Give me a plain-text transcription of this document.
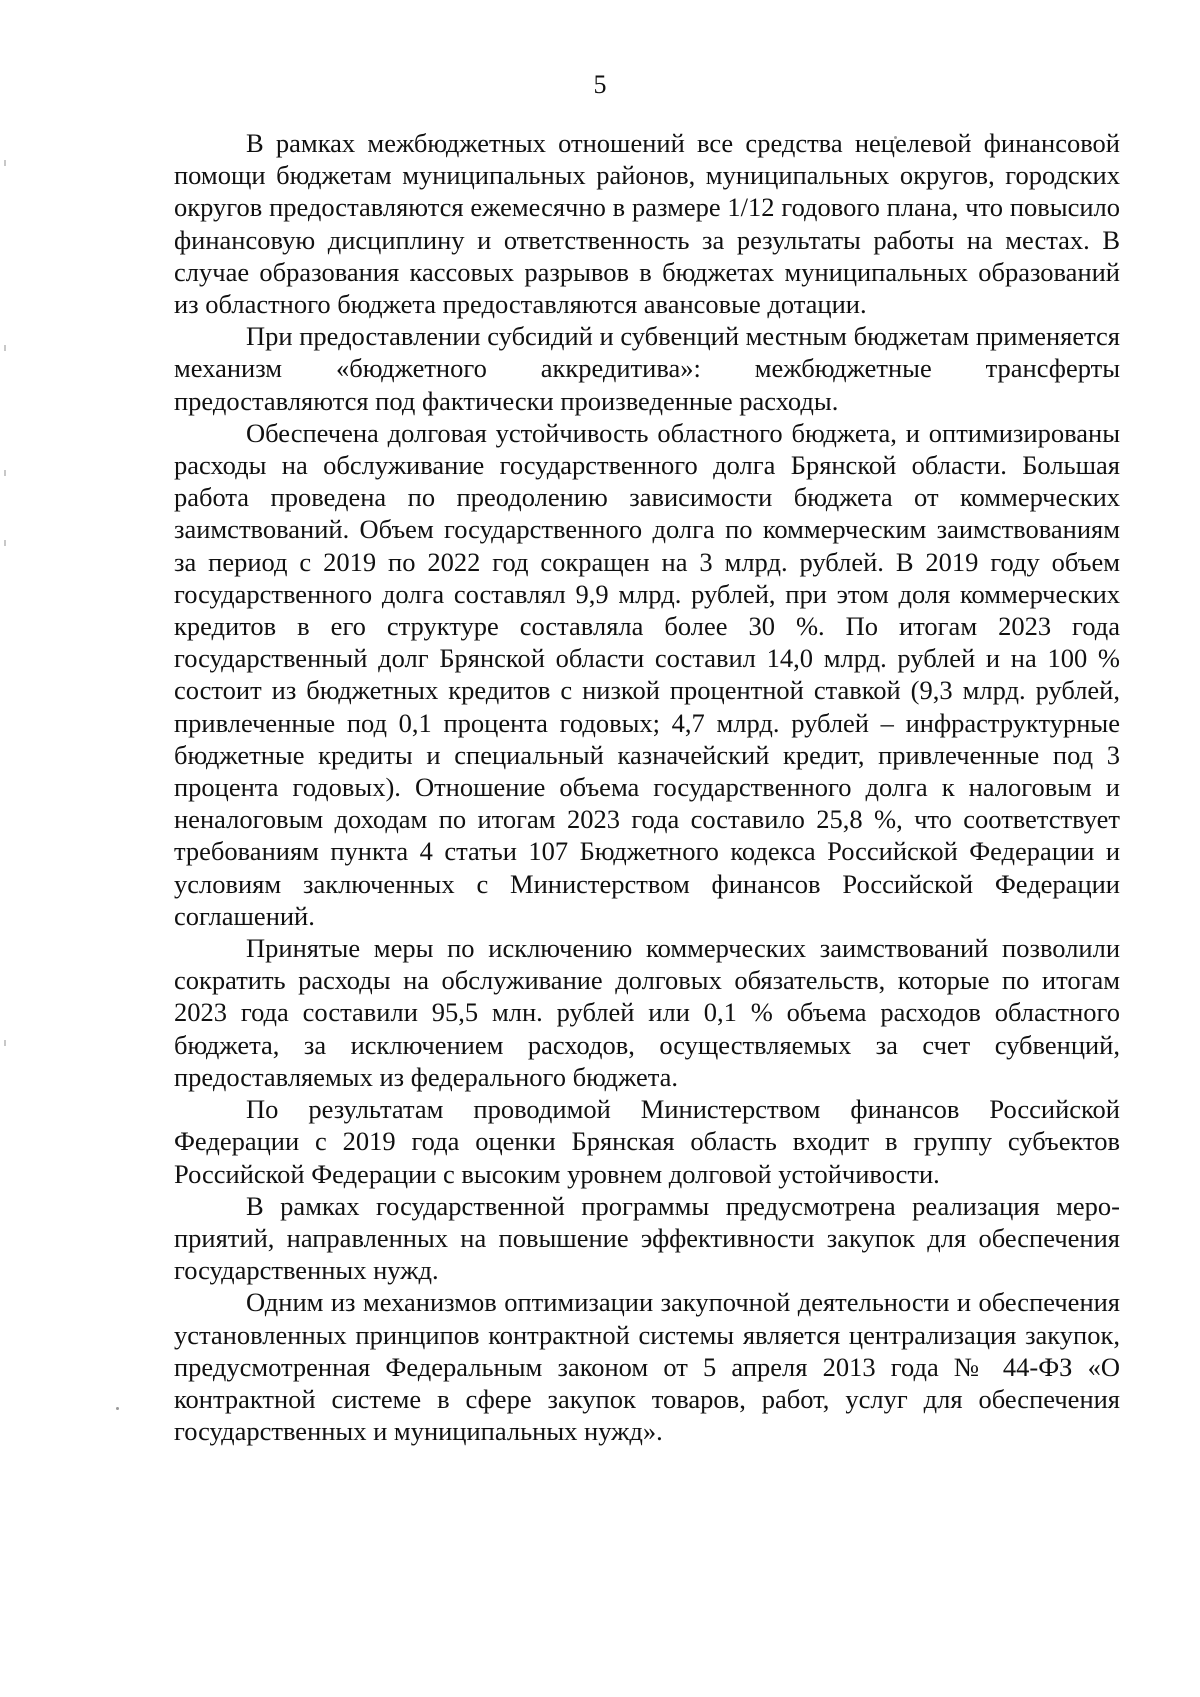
5

В рамках межбюджетных отношений все средства нецелевой финансовой помощи бюджетам муниципальных районов, муниципальных округов, городских округов предоставляются ежемесячно в размере 1/12 годового плана, что повысило финансовую дисциплину и ответственность за результаты работы на местах. В случае образования кассовых разрывов в бюджетах муниципальных образований из областного бюджета предоставляются авансовые дотации.

При предоставлении субсидий и субвенций местным бюджетам применяется механизм «бюджетного аккредитива»: межбюджетные трансферты предоставляются под фактически произведенные расходы.

Обеспечена долговая устойчивость областного бюджета, и оптимизированы расходы на обслуживание государственного долга Брянской области. Большая работа проведена по преодолению зависимости бюджета от коммерческих заимствований. Объем государственного долга по коммерческим заимствованиям за период с 2019 по 2022 год сокращен на 3 млрд. рублей. В 2019 году объем государственного долга составлял 9,9 млрд. рублей, при этом доля коммерческих кредитов в его структуре составляла более 30 %. По итогам 2023 года государственный долг Брянской области составил 14,0 млрд. рублей и на 100 % состоит из бюджетных кредитов с низкой процентной ставкой (9,3 млрд. рублей, привлеченные под 0,1 процента годовых; 4,7 млрд. рублей – инфраструктурные бюджетные кредиты и специальный казначейский кредит, привлеченные под 3 процента годовых). Отношение объема государственного долга к налоговым и неналоговым доходам по итогам 2023 года составило 25,8 %, что соответствует требованиям пункта 4 статьи 107 Бюджетного кодекса Российской Федерации и условиям заключенных с Министерством финансов Российской Федерации соглашений.

Принятые меры по исключению коммерческих заимствований позволили сократить расходы на обслуживание долговых обязательств, которые по итогам 2023 года составили 95,5 млн. рублей или 0,1 % объема расходов областного бюджета, за исключением расходов, осуществляемых за счет субвенций, предоставляемых из федерального бюджета.

По результатам проводимой Министерством финансов Российской Федерации с 2019 года оценки Брянская область входит в группу субъектов Российской Федерации с высоким уровнем долговой устойчивости.

В рамках государственной программы предусмотрена реализация мероприятий, направленных на повышение эффективности закупок для обеспечения государственных нужд.

Одним из механизмов оптимизации закупочной деятельности и обеспечения установленных принципов контрактной системы является централизация закупок, предусмотренная Федеральным законом от 5 апреля 2013 года № 44-ФЗ «О контрактной системе в сфере закупок товаров, работ, услуг для обеспечения государственных и муниципальных нужд».
